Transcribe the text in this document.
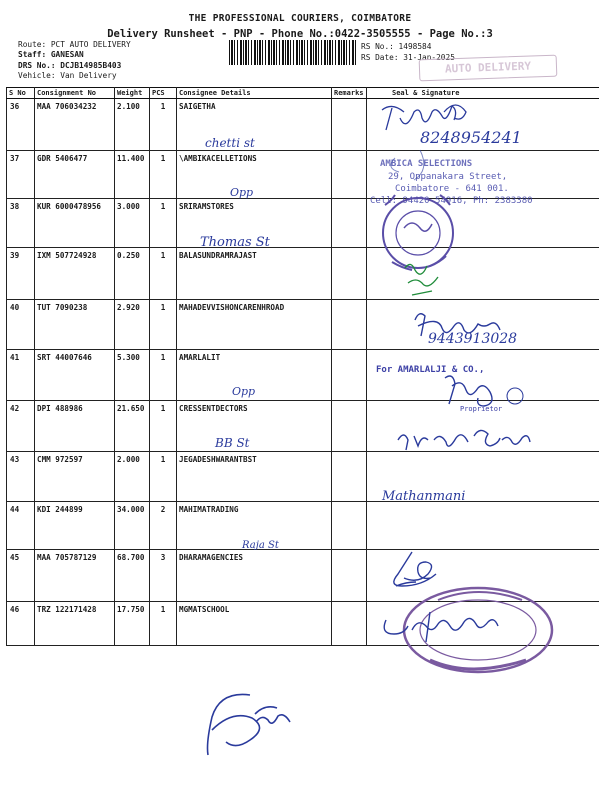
THE PROFESSIONAL COURIERS, COIMBATORE
Delivery Runsheet - PNP - Phone No.:0422-3505555 - Page No.:3
Route: PCT AUTO DELIVERY
Staff: GANESAN
DRS No.: DCJB14985B403
Vehicle: Van Delivery
RS No.: 1498584
RS Date: 31-Jan-2025
AUTO DELIVERY
S No	Consignment No	Weight	PCS	Consignee Details	Remarks	Seal & Signature
36	MAA 706034232	2.100	1	SAIGETHA		
37	GDR 5406477	11.400	1	\AMBIKACELLETIONS		
38	KUR 6000478956	3.000	1	SRIRAMSTORES		
39	IXM 507724928	0.250	1	BALASUNDRAMRAJAST		
40	TUT 7090238	2.920	1	MAHADEVVISHONCARENHROAD		
41	SRT 44007646	5.300	1	AMARLALIT		
42	DPI 488986	21.650	1	CRESSENTDECTORS		
43	CMM 972597	2.000	1	JEGADESHWARANTBST		
44	KDI 244899	34.000	2	MAHIMATRADING		
45	MAA 705787129	68.700	3	DHARAMAGENCIES		
46	TRZ 122171428	17.750	1	MGMATSCHOOL		
chetti st
Opp
Thomas St
Opp
BB St
Raja St
8248954241
AMBICA SELECTIONS
29, Oppanakara Street,
Coimbatore - 641 001.
Cell: 94420 54916, Ph: 2383380
9443913028
For AMARLALJI & CO.,
Proprietor
Mathanmani
